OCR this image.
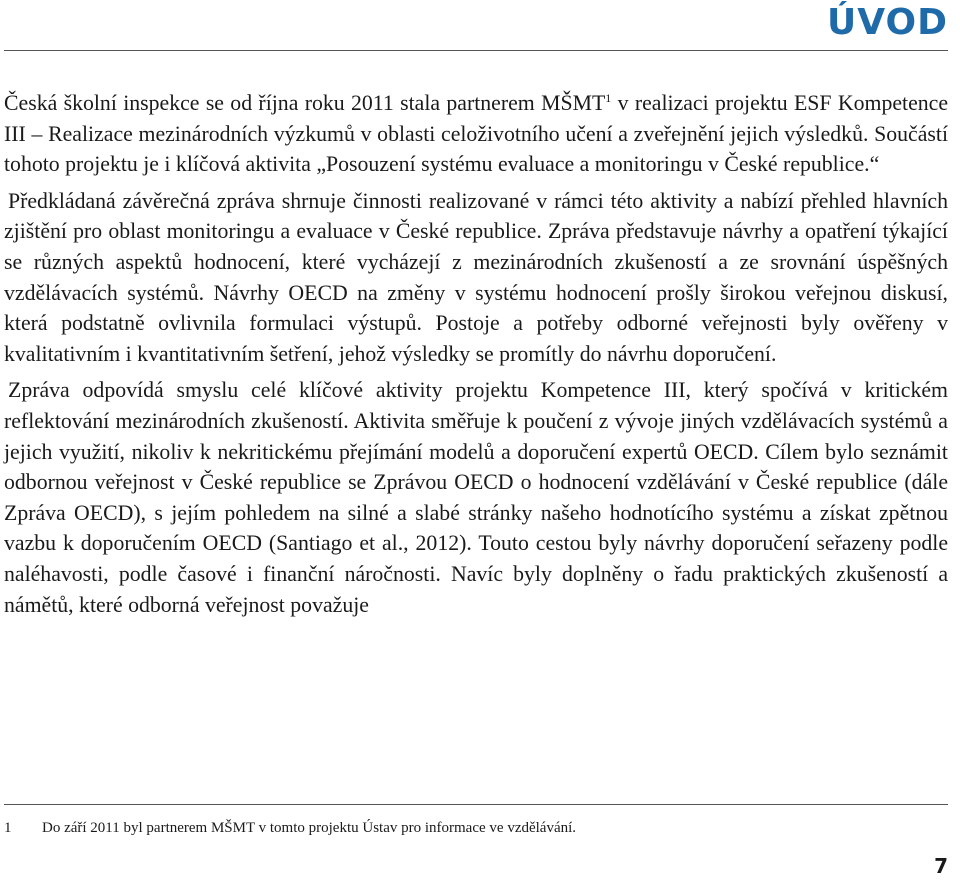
ÚVOD

Česká školní inspekce se od října roku 2011 stala partnerem MŠMT$^1$ v realizaci projektu ESF Kompetence III – Realizace mezinárodních výzkumů v oblasti celoživotního učení a zveřejnění jejich výsledků. Součástí tohoto projektu je i klíčová aktivita „Posouzení systému evaluace a monitoringu v České republice.“

Předkládaná závěrečná zpráva shrnuje činnosti realizované v rámci této aktivity a nabízí přehled hlavních zjištění pro oblast monitoringu a evaluace v České republice. Zpráva představuje návrhy a opatření týkající se různých aspektů hodnocení, které vycházejí z mezinárodních zkušeností a ze srovnání úspěšných vzdělávacích systémů. Návrhy OECD na změny v systému hodnocení prošly širokou veřejnou diskusí, která podstatně ovlivnila formulaci výstupů. Postoje a potřeby odborné veřejnosti byly ověřeny v kvalitativním i kvantitativním šetření, jehož výsledky se promítly do návrhu doporučení.

Zpráva odpovídá smyslu celé klíčové aktivity projektu Kompetence III, který spočívá v kritickém reflektování mezinárodních zkušeností. Aktivita směřuje k poučení z vývoje jiných vzdělávacích systémů a jejich využití, nikoliv k nekritickému přejímání modelů a doporučení expertů OECD. Cílem bylo seznámit odbornou veřejnost v České republice se Zprávou OECD o hodnocení vzdělávání v České republice (dále Zpráva OECD), s jejím pohledem na silné a slabé stránky našeho hodnotícího systému a získat zpětnou vazbu k doporučením OECD (Santiago et al., 2012). Touto cestou byly návrhy doporučení seřazeny podle naléhavosti, podle časové i finanční náročnosti. Navíc byly doplněny o řadu praktických zkušeností a námětů, které odborná veřejnost považuje

1 Do září 2011 byl partnerem MŠMT v tomto projektu Ústav pro informace ve vzdělávání.
7
